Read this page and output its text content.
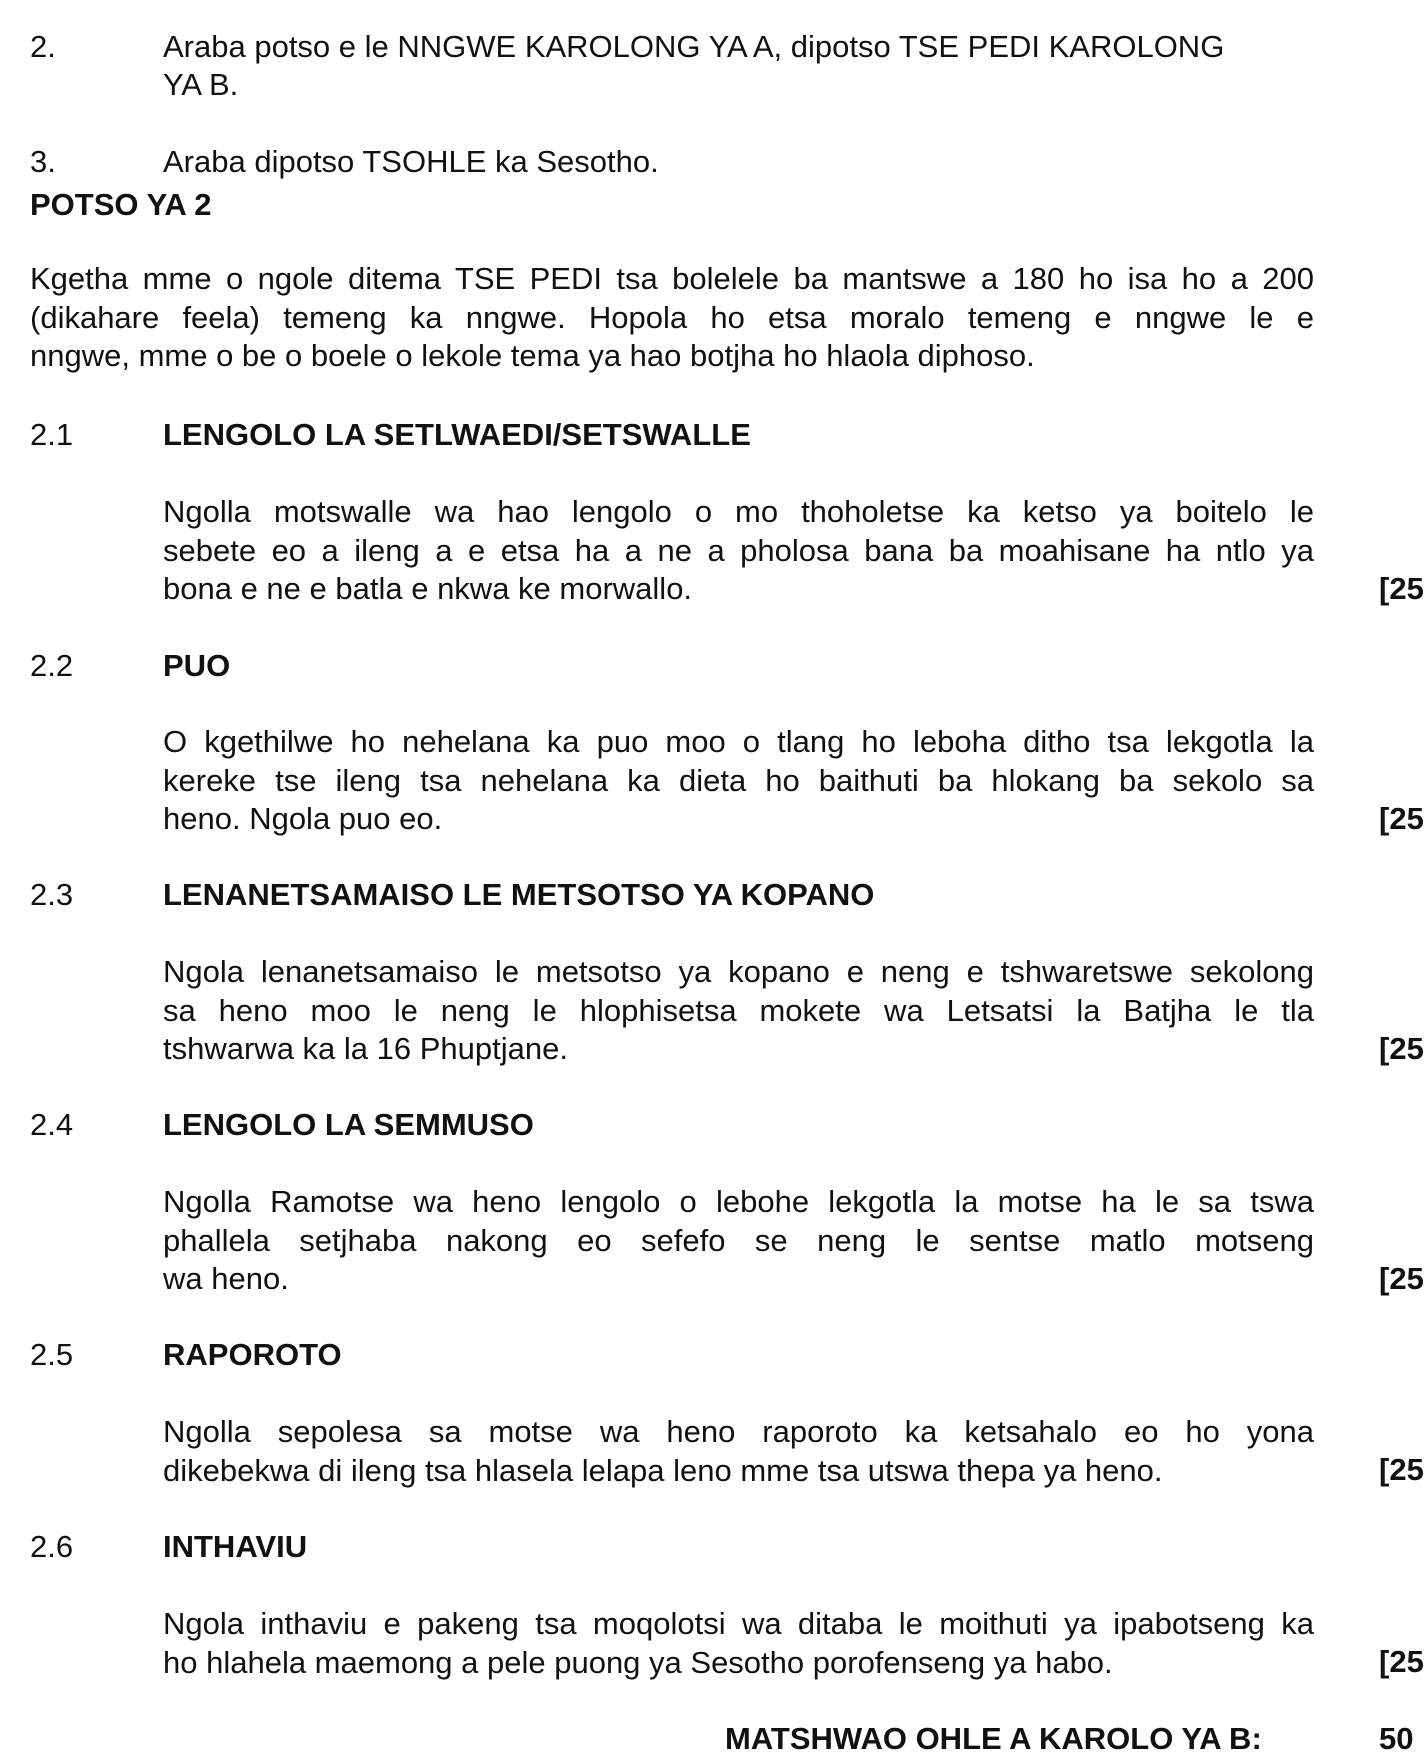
2.	Araba potso e le NNGWE KAROLONG YA A, dipotso TSE PEDI KAROLONG
YA B.
3.	Araba dipotso TSOHLE ka Sesotho.
POTSO YA 2
Kgetha mme o ngole ditema TSE PEDI tsa bolelele ba mantswe a 180 ho isa ho a 200
(dikahare feela) temeng ka nngwe. Hopola ho etsa moralo temeng e nngwe le e
nngwe, mme o be o boele o lekole tema ya hao botjha ho hlaola diphoso.
2.1	LENGOLO LA SETLWAEDI/SETSWALLE
Ngolla motswalle wa hao lengolo o mo thoholetse ka ketso ya boitelo le
sebete eo a ileng a e etsa ha a ne a pholosa bana ba moahisane ha ntlo ya
bona e ne e batla e nkwa ke morwallo.	[25
2.2	PUO
O kgethilwe ho nehelana ka puo moo o tlang ho leboha ditho tsa lekgotla la
kereke tse ileng tsa nehelana ka dieta ho baithuti ba hlokang ba sekolo sa
heno. Ngola puo eo.	[25
2.3	LENANETSAMAISO LE METSOTSO YA KOPANO
Ngola lenanetsamaiso le metsotso ya kopano e neng e tshwaretswe sekolong
sa heno moo le neng le hlophisetsa mokete wa Letsatsi la Batjha le tla
tshwarwa ka la 16 Phuptjane.	[25
2.4	LENGOLO LA SEMMUSO
Ngolla Ramotse wa heno lengolo o lebohe lekgotla la motse ha le sa tswa
phallela setjhaba nakong eo sefefo se neng le sentse matlo motseng
wa heno.	[25
2.5	RAPOROTO
Ngolla sepolesa sa motse wa heno raporoto ka ketsahalo eo ho yona
dikebekwa di ileng tsa hlasela lelapa leno mme tsa utswa thepa ya heno.	[25
2.6	INTHAVIU
Ngola inthaviu e pakeng tsa moqolotsi wa ditaba le moithuti ya ipabotseng ka
ho hlahela maemong a pele puong ya Sesotho porofenseng ya habo.	[25
MATSHWAO OHLE A KAROLO YA B:	50
